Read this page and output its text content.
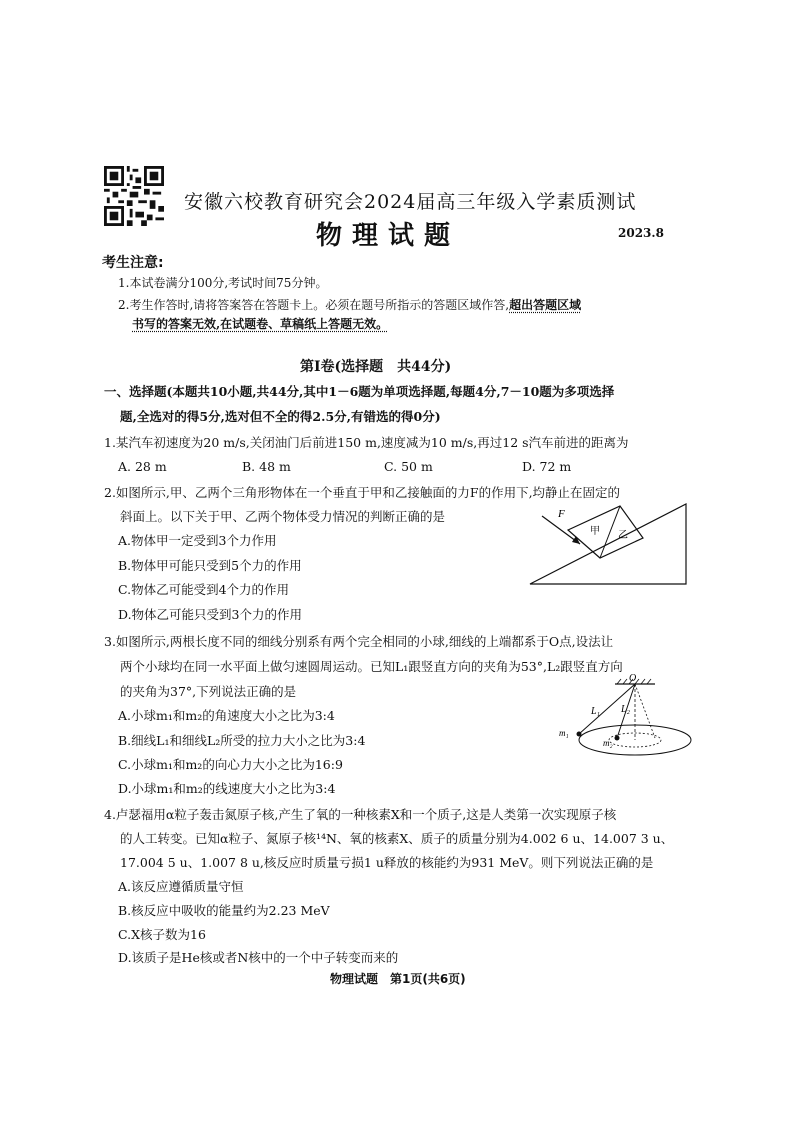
安徽六校教育研究会2024届高三年级入学素质测试
物理试题	2023.8
考生注意:
1.本试卷满分100分,考试时间75分钟。
2.考生作答时,请将答案答在答题卡上。必须在题号所指示的答题区域作答,超出答题区域
书写的答案无效,在试题卷、草稿纸上答题无效。
第Ⅰ卷(选择题　共44分)
一、选择题(本题共10小题,共44分,其中1－6题为单项选择题,每题4分,7－10题为多项选择
题,全选对的得5分,选对但不全的得2.5分,有错选的得0分)
1.某汽车初速度为20 m/s,关闭油门后前进150 m,速度减为10 m/s,再过12 s汽车前进的距离为
A. 28 m	B. 48 m	C. 50 m	D. 72 m
2.如图所示,甲、乙两个三角形物体在一个垂直于甲和乙接触面的力F的作用下,均静止在固定的
斜面上。以下关于甲、乙两个物体受力情况的判断正确的是
A.物体甲一定受到3个力作用
B.物体甲可能只受到5个力的作用
C.物体乙可能受到4个力的作用
D.物体乙可能只受到3个力的作用
F
甲 乙
3.如图所示,两根长度不同的细线分别系有两个完全相同的小球,细线的上端都系于O点,设法让
两个小球均在同一水平面上做匀速圆周运动。已知L₁跟竖直方向的夹角为53°,L₂跟竖直方向
的夹角为37°,下列说法正确的是
A.小球m₁和m₂的角速度大小之比为3:4
B.细线L₁和细线L₂所受的拉力大小之比为3:4
C.小球m₁和m₂的向心力大小之比为16:9
D.小球m₁和m₂的线速度大小之比为3:4
O
L₁ L₂
m₁
m₂
4.卢瑟福用α粒子轰击氮原子核,产生了氧的一种核素X和一个质子,这是人类第一次实现原子核
的人工转变。已知α粒子、氮原子核¹⁴N、氧的核素X、质子的质量分别为4.002 6 u、14.007 3 u、
17.004 5 u、1.007 8 u,核反应时质量亏损1 u释放的核能约为931 MeV。则下列说法正确的是
A.该反应遵循质量守恒
B.核反应中吸收的能量约为2.23 MeV
C.X核子数为16
D.该质子是He核或者N核中的一个中子转变而来的
物理试题　第1页(共6页)
